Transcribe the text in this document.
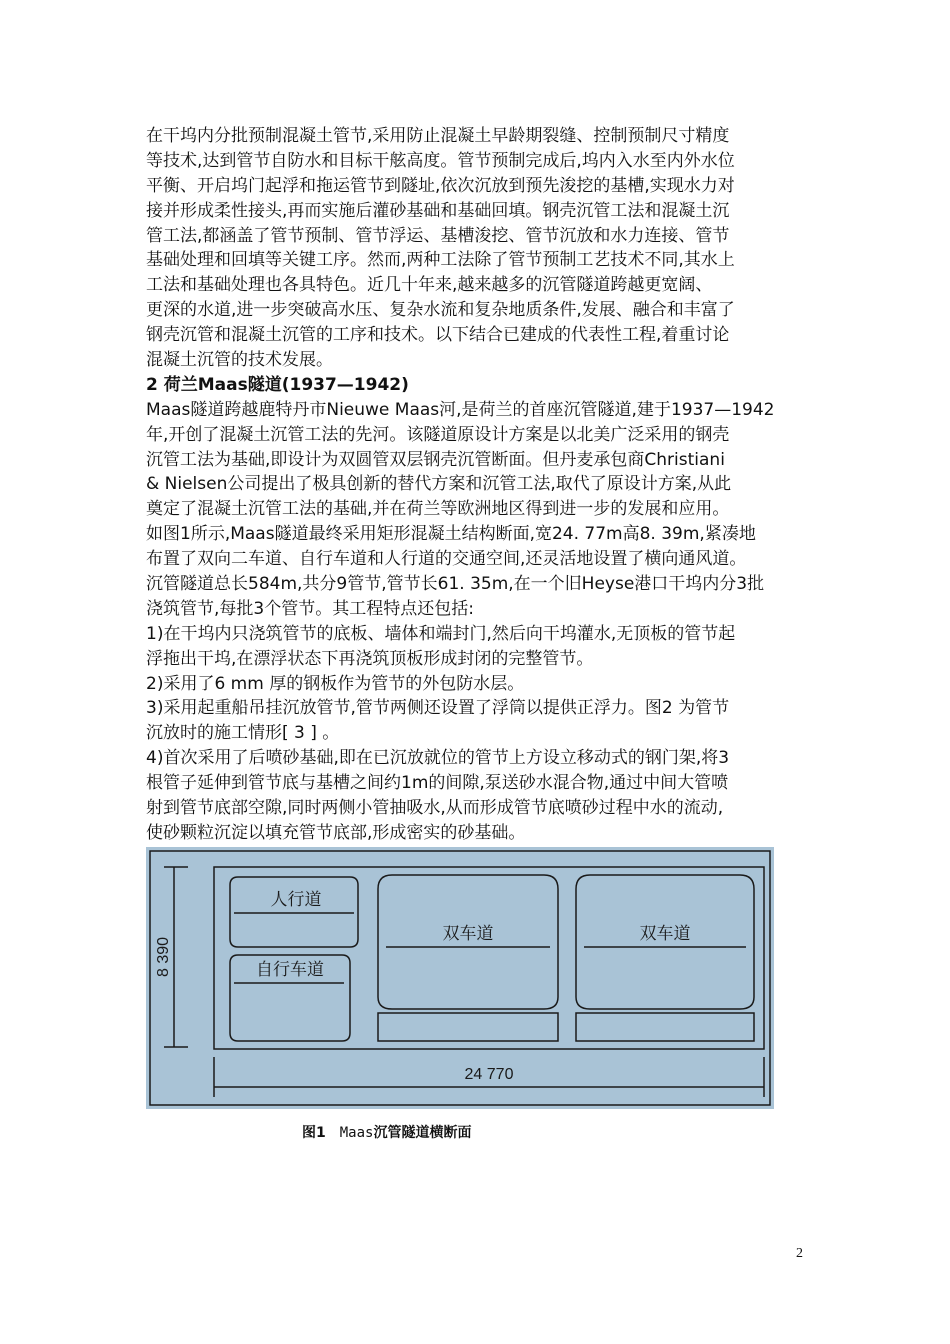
在干坞内分批预制混凝土管节,采用防止混凝土早龄期裂缝、控制预制尺寸精度
等技术,达到管节自防水和目标干舷高度。管节预制完成后,坞内入水至内外水位
平衡、开启坞门起浮和拖运管节到隧址,依次沉放到预先浚挖的基槽,实现水力对
接并形成柔性接头,再而实施后灌砂基础和基础回填。钢壳沉管工法和混凝土沉
管工法,都涵盖了管节预制、管节浮运、基槽浚挖、管节沉放和水力连接、管节
基础处理和回填等关键工序。然而,两种工法除了管节预制工艺技术不同,其水上
工法和基础处理也各具特色。近几十年来,越来越多的沉管隧道跨越更宽阔、
更深的水道,进一步突破高水压、复杂水流和复杂地质条件,发展、融合和丰富了
钢壳沉管和混凝土沉管的工序和技术。以下结合已建成的代表性工程,着重讨论
混凝土沉管的技术发展。
2 荷兰Maas隧道(1937—1942)
Maas隧道跨越鹿特丹市Nieuwe Maas河,是荷兰的首座沉管隧道,建于1937—1942
年,开创了混凝土沉管工法的先河。该隧道原设计方案是以北美广泛采用的钢壳
沉管工法为基础,即设计为双圆管双层钢壳沉管断面。但丹麦承包商Christiani
& Nielsen公司提出了极具创新的替代方案和沉管工法,取代了原设计方案,从此
奠定了混凝土沉管工法的基础,并在荷兰等欧洲地区得到进一步的发展和应用。
如图1所示,Maas隧道最终采用矩形混凝土结构断面,宽24. 77m高8. 39m,紧凑地
布置了双向二车道、自行车道和人行道的交通空间,还灵活地设置了横向通风道。
沉管隧道总长584m,共分9管节,管节长61. 35m,在一个旧Heyse港口干坞内分3批
浇筑管节,每批3个管节。其工程特点还包括:
1)在干坞内只浇筑管节的底板、墙体和端封门,然后向干坞灌水,无顶板的管节起
浮拖出干坞,在漂浮状态下再浇筑顶板形成封闭的完整管节。
2)采用了6 mm 厚的钢板作为管节的外包防水层。
3)采用起重船吊挂沉放管节,管节两侧还设置了浮筒以提供正浮力。图2 为管节
沉放时的施工情形[ 3 ] 。
4)首次采用了后喷砂基础,即在已沉放就位的管节上方设立移动式的钢门架,将3
根管子延伸到管节底与基槽之间约1m的间隙,泵送砂水混合物,通过中间大管喷
射到管节底部空隙,同时两侧小管抽吸水,从而形成管节底喷砂过程中水的流动,
使砂颗粒沉淀以填充管节底部,形成密实的砂基础。
人行道
自行车道
双车道	双车道
8 390
24 770
图1 Maas沉管隧道横断面
2
